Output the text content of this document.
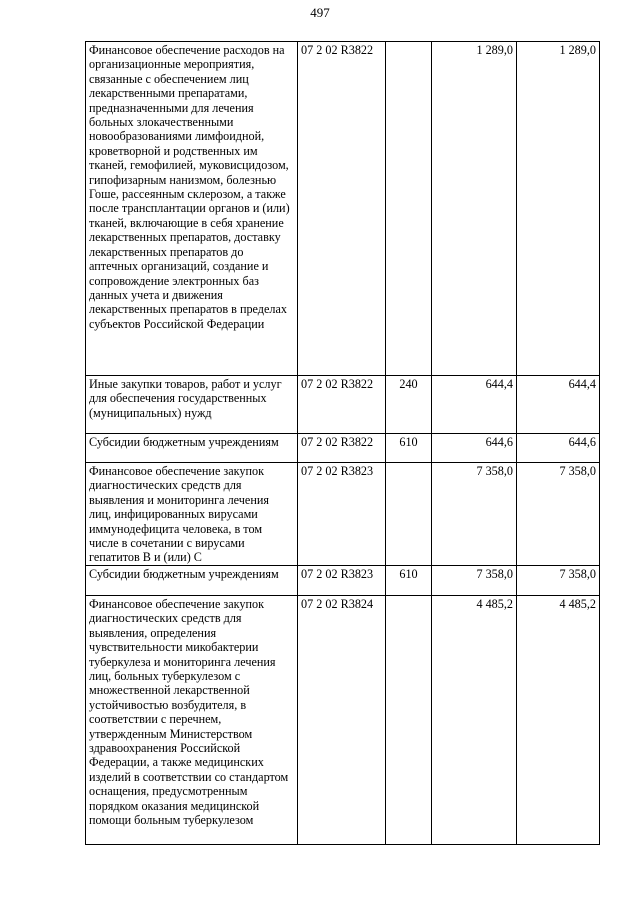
497
Финансовое обеспечение расходов на организационные мероприятия, связанные с обеспечением лиц лекарственными препаратами, предназначенными для лечения больных злокачественными новообразованиями лимфоидной, кроветворной и родственных им тканей, гемофилией, муковисцидозом, гипофизарным нанизмом, болезнью Гоше, рассеянным склерозом, а также после трансплантации органов и (или) тканей, включающие в себя хранение лекарственных препаратов, доставку лекарственных препаратов до аптечных организаций, создание и сопровождение электронных баз данных учета и движения лекарственных препаратов в пределах субъектов Российской Федерации	07 2 02 R3822		1 289,0	1 289,0
Иные закупки товаров, работ и услуг для обеспечения государственных (муниципальных) нужд	07 2 02 R3822	240	644,4	644,4
Субсидии бюджетным учреждениям	07 2 02 R3822	610	644,6	644,6
Финансовое обеспечение закупок диагностических средств для выявления и мониторинга лечения лиц, инфицированных вирусами иммунодефицита человека, в том числе в сочетании с вирусами гепатитов В и (или) С	07 2 02 R3823		7 358,0	7 358,0
Субсидии бюджетным учреждениям	07 2 02 R3823	610	7 358,0	7 358,0
Финансовое обеспечение закупок диагностических средств для выявления, определения чувствительности микобактерии туберкулеза и мониторинга лечения лиц, больных туберкулезом с множественной лекарственной устойчивостью возбудителя, в соответствии с перечнем, утвержденным Министерством здравоохранения Российской Федерации, а также медицинских изделий в соответствии со стандартом оснащения, предусмотренным порядком оказания медицинской помощи больным туберкулезом	07 2 02 R3824		4 485,2	4 485,2
